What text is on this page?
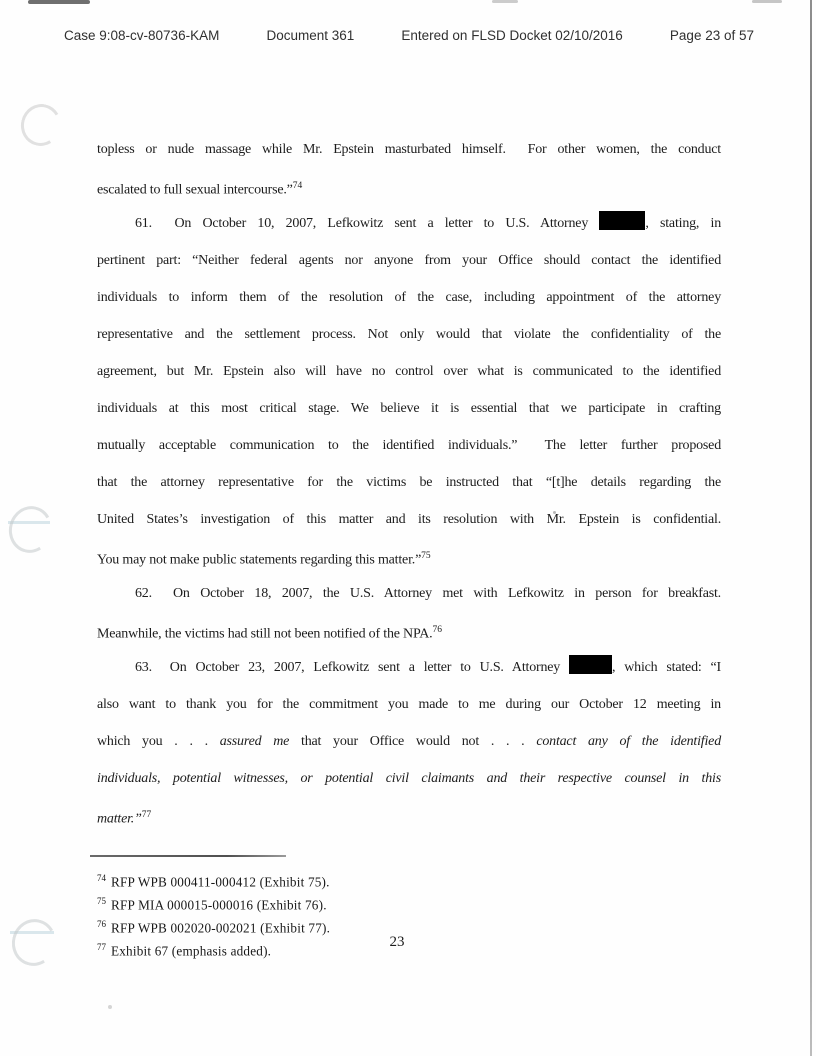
Case 9:08-cv-80736-KAM	Document 361	Entered on FLSD Docket 02/10/2016	Page 23 of 57
topless or nude massage while Mr. Epstein masturbated himself.  For other women, the conduct
escalated to full sexual intercourse.”$^{74}$
61.  On October 10, 2007, Lefkowitz sent a letter to U.S. Attorney	, stating, in
pertinent part: “Neither federal agents nor anyone from your Office should contact the identified
individuals to inform them of the resolution of the case, including appointment of the attorney
representative and the settlement process. Not only would that violate the confidentiality of the
agreement, but Mr. Epstein also will have no control over what is communicated to the identified
individuals at this most critical stage. We believe it is essential that we participate in crafting
mutually acceptable communication to the identified individuals.”  The letter further proposed
that the attorney representative for the victims be instructed that “[t]he details regarding the
United States’s investigation of this matter and its resolution with Mr. Epstein is confidential.
You may not make public statements regarding this matter.”$^{75}$
62.  On October 18, 2007, the U.S. Attorney met with Lefkowitz in person for breakfast.
Meanwhile, the victims had still not been notified of the NPA.$^{76}$
63.  On October 23, 2007, Lefkowitz sent a letter to U.S. Attorney	, which stated: “I
also want to thank you for the commitment you made to me during our October 12 meeting in
which you . . . assured me that your Office would not . . . contact any of the identified
individuals, potential witnesses, or potential civil claimants and their respective counsel in this
matter.”$^{77}$
$^{74}$ RFP WPB 000411-000412 (Exhibit 75).
$^{75}$ RFP MIA 000015-000016 (Exhibit 76).
$^{76}$ RFP WPB 002020-002021 (Exhibit 77).
$^{77}$ Exhibit 67 (emphasis added).
23
